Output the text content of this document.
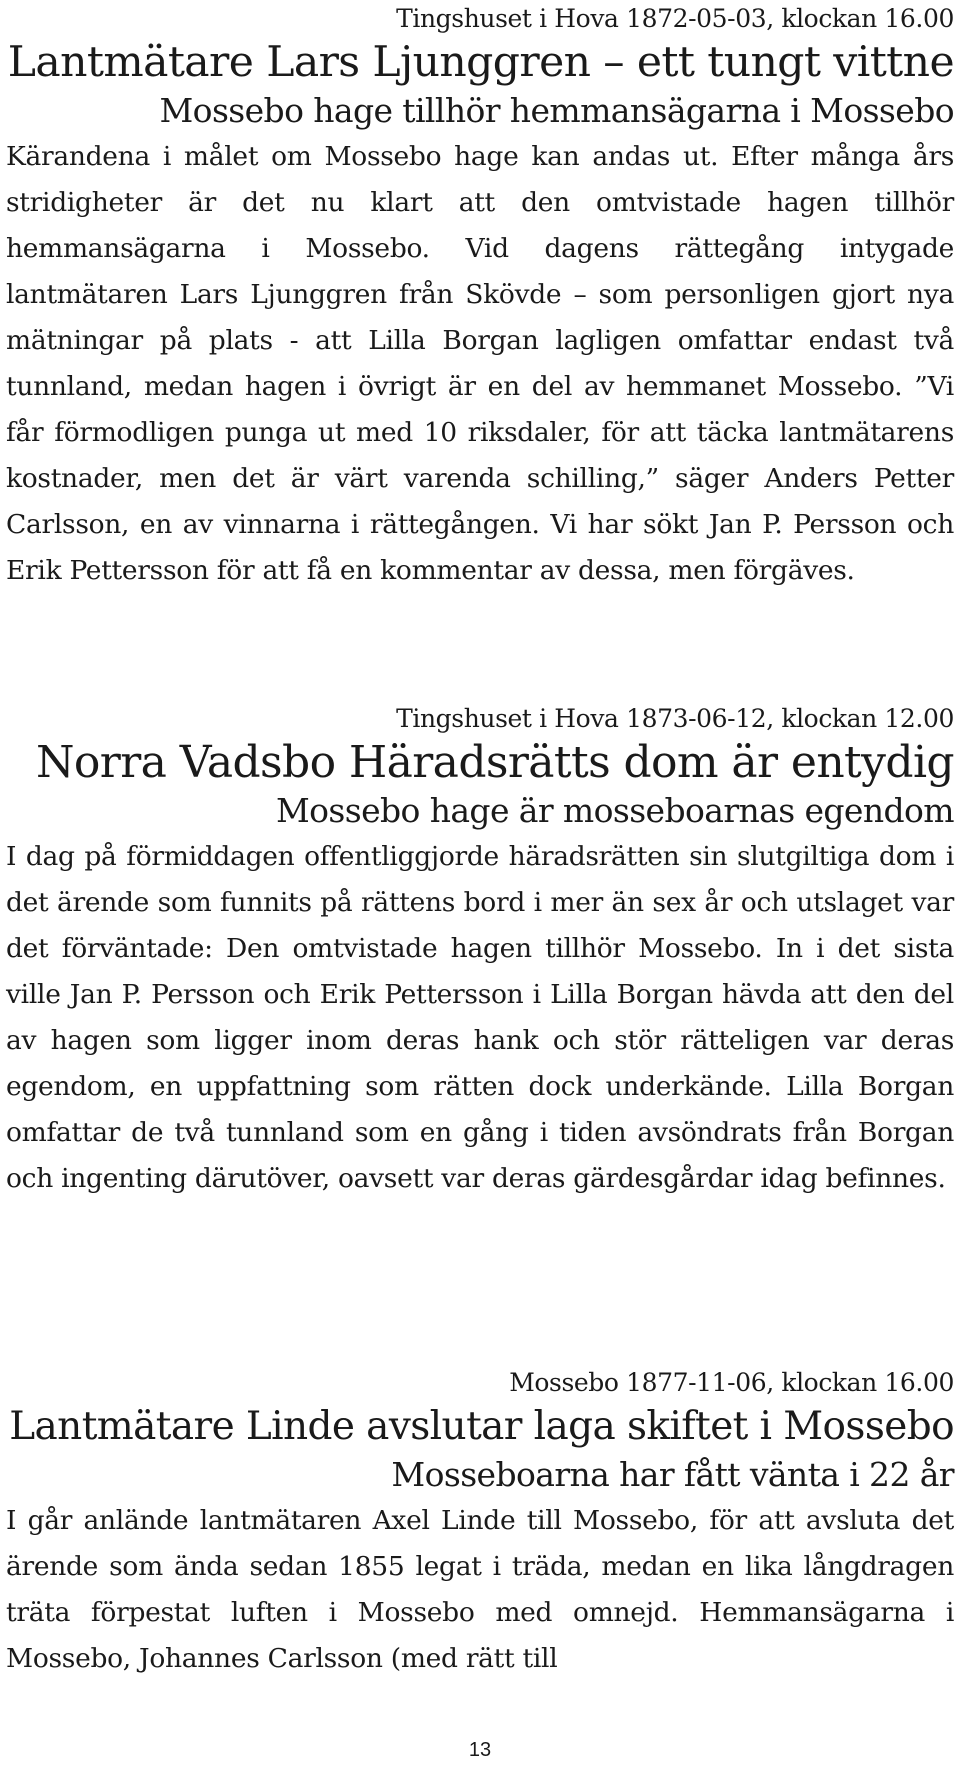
Tingshuset i Hova 1872-05-03, klockan 16.00
Lantmätare Lars Ljunggren – ett tungt vittne
Mossebo hage tillhör hemmansägarna i Mossebo

Kärandena i målet om Mossebo hage kan andas ut. Efter många års stridigheter är det nu klart att den omtvistade hagen tillhör hemmansägarna i Mossebo. Vid dagens rättegång intygade lantmätaren Lars Ljunggren från Skövde – som personligen gjort nya mätningar på plats - att Lilla Borgan lagligen omfattar endast två tunnland, medan hagen i övrigt är en del av hemmanet Mossebo. ”Vi får förmodligen punga ut med 10 riksdaler, för att täcka lantmätarens kostnader, men det är värt varenda schilling,” säger Anders Petter Carlsson, en av vinnarna i rättegången. Vi har sökt Jan P. Persson och Erik Pettersson för att få en kommentar av dessa, men förgäves.

Tingshuset i Hova 1873-06-12, klockan 12.00
Norra Vadsbo Häradsrätts dom är entydig
Mossebo hage är mosseboarnas egendom

I dag på förmiddagen offentliggjorde häradsrätten sin slutgiltiga dom i det ärende som funnits på rättens bord i mer än sex år och utslaget var det förväntade: Den omtvistade hagen tillhör Mossebo. In i det sista ville Jan P. Persson och Erik Pettersson i Lilla Borgan hävda att den del av hagen som ligger inom deras hank och stör rätteligen var deras egendom, en uppfattning som rätten dock underkände. Lilla Borgan omfattar de två tunnland som en gång i tiden avsöndrats från Borgan och ingenting därutöver, oavsett var deras gärdesgårdar idag befinnes.

Mossebo 1877-11-06, klockan 16.00
Lantmätare Linde avslutar laga skiftet i Mossebo
Mosseboarna har fått vänta i 22 år

I går anlände lantmätaren Axel Linde till Mossebo, för att avsluta det ärende som ända sedan 1855 legat i träda, medan en lika långdragen träta förpestat luften i Mossebo med omnejd. Hemmansägarna i Mossebo, Johannes Carlsson (med rätt till

13
